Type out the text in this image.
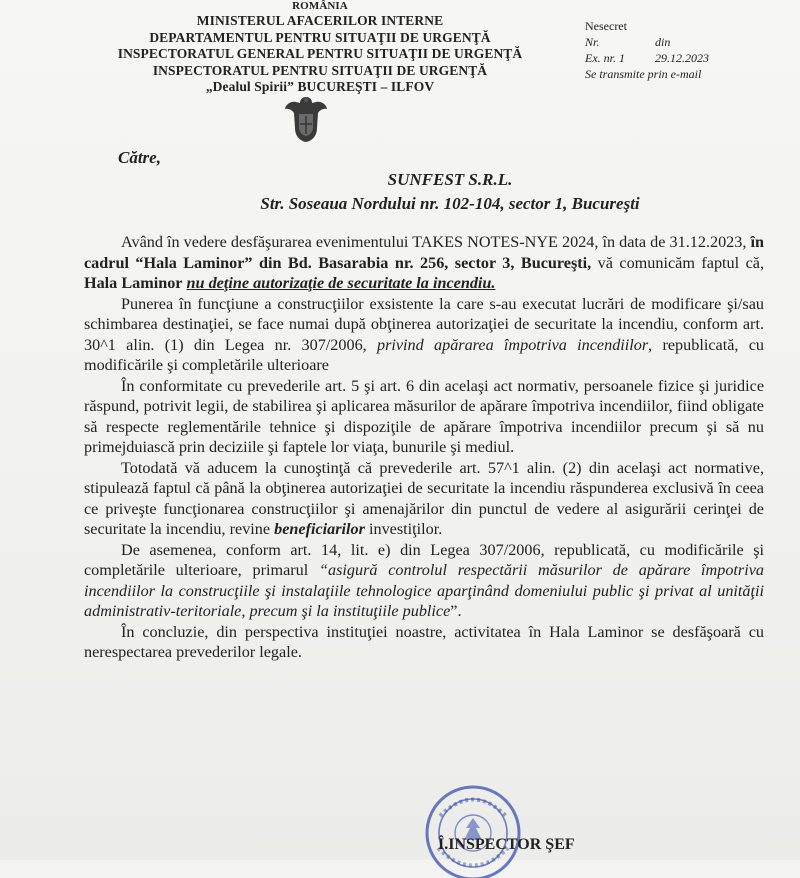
ROMÂNIA
MINISTERUL AFACERILOR INTERNE
DEPARTAMENTUL PENTRU SITUAŢII DE URGENŢĂ
INSPECTORATUL GENERAL PENTRU SITUAŢII DE URGENŢĂ
INSPECTORATUL PENTRU SITUAŢII DE URGENŢĂ
„Dealul Spirii” BUCUREŞTI – ILFOV
Nesecret
Nr.	din 29.12.2023
Ex. nr. 1
Se transmite prin e-mail
Către,
SUNFEST S.R.L.
Str. Soseaua Nordului nr. 102-104, sector 1, Bucureşti

Având în vedere desfăşurarea evenimentului TAKES NOTES-NYE 2024, în data de 31.12.2023, în cadrul “Hala Laminor” din Bd. Basarabia nr. 256, sector 3, Bucureşti, vă comunicăm faptul că, Hala Laminor nu deţine autorizaţie de securitate la incendiu.

Punerea în funcţiune a construcţiilor exsistente la care s-au executat lucrări de modificare şi/sau schimbarea destinaţiei, se face numai după obţinerea autorizaţiei de securitate la incendiu, conform art. 30^1 alin. (1) din Legea nr. 307/2006, privind apărarea împotriva incendiilor, republicată, cu modificările şi completările ulterioare

În conformitate cu prevederile art. 5 şi art. 6 din acelaşi act normativ, persoanele fizice şi juridice răspund, potrivit legii, de stabilirea şi aplicarea măsurilor de apărare împotriva incendiilor, fiind obligate să respecte reglementările tehnice şi dispoziţile de apărare împotriva incendiilor precum şi să nu primejduiască prin deciziile şi faptele lor viaţa, bunurile şi mediul.

Totodată vă aducem la cunoştinţă că prevederile art. 57^1 alin. (2) din acelaşi act normative, stipulează faptul că până la obţinerea autorizaţiei de securitate la incendiu răspunderea exclusivă în ceea ce priveşte funcţionarea construcţiilor şi amenajărilor din punctul de vedere al asigurării cerinţei de securitate la incendiu, revine beneficiarilor investiţilor.

De asemenea, conform art. 14, lit. e) din Legea 307/2006, republicată, cu modificările şi completările ulterioare, primarul “asigură controlul respectării măsurilor de apărare împotriva incendiilor la construcţiile şi instalaţiile tehnologice aparţinând domeniului public şi privat al unităţii administrativ-teritoriale, precum şi la instituţiile publice”.

În concluzie, din perspectiva instituţiei noastre, activitatea în Hala Laminor se desfăşoară cu nerespectarea prevederilor legale.

Î.INSPECTOR ŞEF
